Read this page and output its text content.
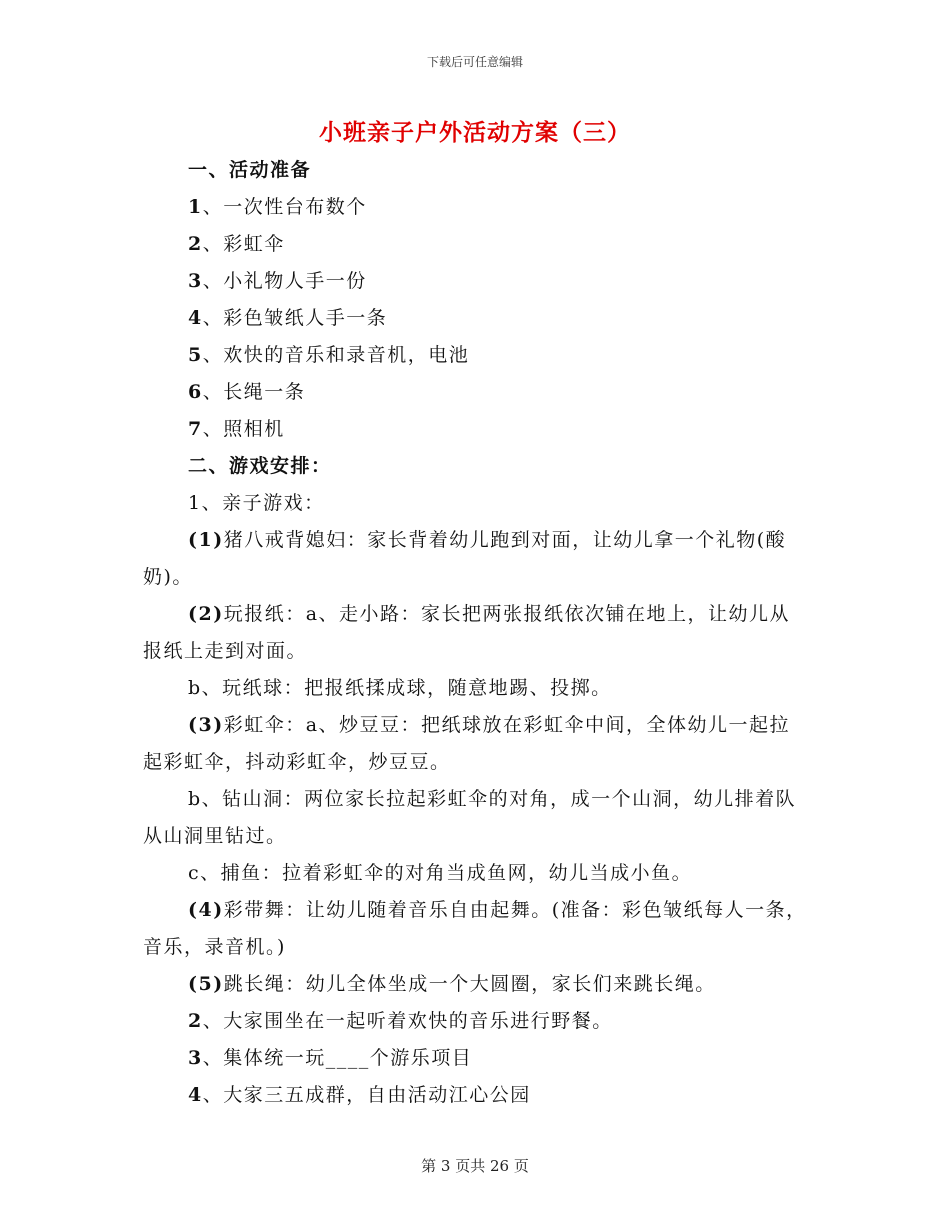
下载后可任意编辑
小班亲子户外活动方案（三）
一、活动准备
1、一次性台布数个
2、彩虹伞
3、小礼物人手一份
4、彩色皱纸人手一条
5、欢快的音乐和录音机，电池
6、长绳一条
7、照相机
二、游戏安排：
1、亲子游戏：
(1)猪八戒背媳妇：家长背着幼儿跑到对面，让幼儿拿一个礼物(酸奶)。
(2)玩报纸：a、走小路：家长把两张报纸依次铺在地上，让幼儿从报纸上走到对面。
b、玩纸球：把报纸揉成球，随意地踢、投掷。
(3)彩虹伞：a、炒豆豆：把纸球放在彩虹伞中间，全体幼儿一起拉起彩虹伞，抖动彩虹伞，炒豆豆。
b、钻山洞：两位家长拉起彩虹伞的对角，成一个山洞，幼儿排着队从山洞里钻过。
c、捕鱼：拉着彩虹伞的对角当成鱼网，幼儿当成小鱼。
(4)彩带舞：让幼儿随着音乐自由起舞。(准备：彩色皱纸每人一条，音乐，录音机。)
(5)跳长绳：幼儿全体坐成一个大圆圈，家长们来跳长绳。
2、大家围坐在一起听着欢快的音乐进行野餐。
3、集体统一玩____个游乐项目
4、大家三五成群，自由活动江心公园
第 3 页共 26 页
